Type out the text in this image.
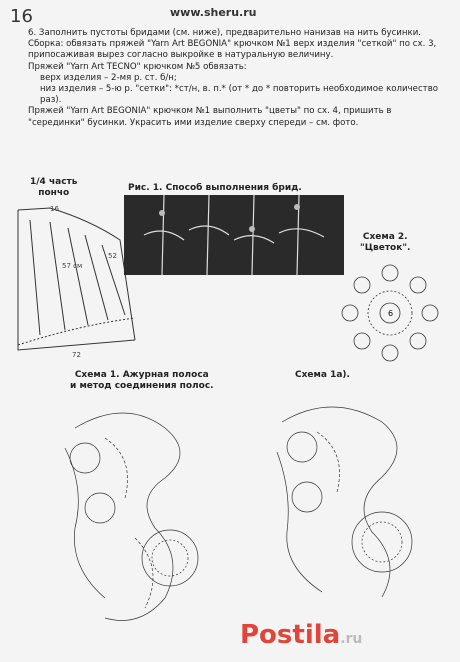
16	www.sheru.ru

6. Заполнить пустоты бридами (см. ниже), предварительно нанизав на нить бусинки.

Сборка: обвязать пряжей "Yarn Art BEGONIA" крючком №1 верх изделия "сеткой" по сх. 3, припосаживая вырез согласно выкройке в натуральную величину.

Пряжей "Yarn Art TECNO" крючком №5 обвязать:

верх изделия – 2-мя р. ст. б/н;

низ изделия – 5-ю р. "сетки": *ст/н, в. п.* (от * до * повторить необходимое количество раз).

Пряжей "Yarn Art BEGONIA" крючком №1 выполнить "цветы" по сх. 4, пришить в "серединки" бусинки. Украсить ими изделие сверху спереди – см. фото.

1/4 часть
пончо
16
52
57 см
72
Рис. 1. Способ выполнения брид.
Схема 2.
"Цветок".
6
Схема 1. Ажурная полоса
и метод соединения полос.
Схема 1а).
Postila.ru
